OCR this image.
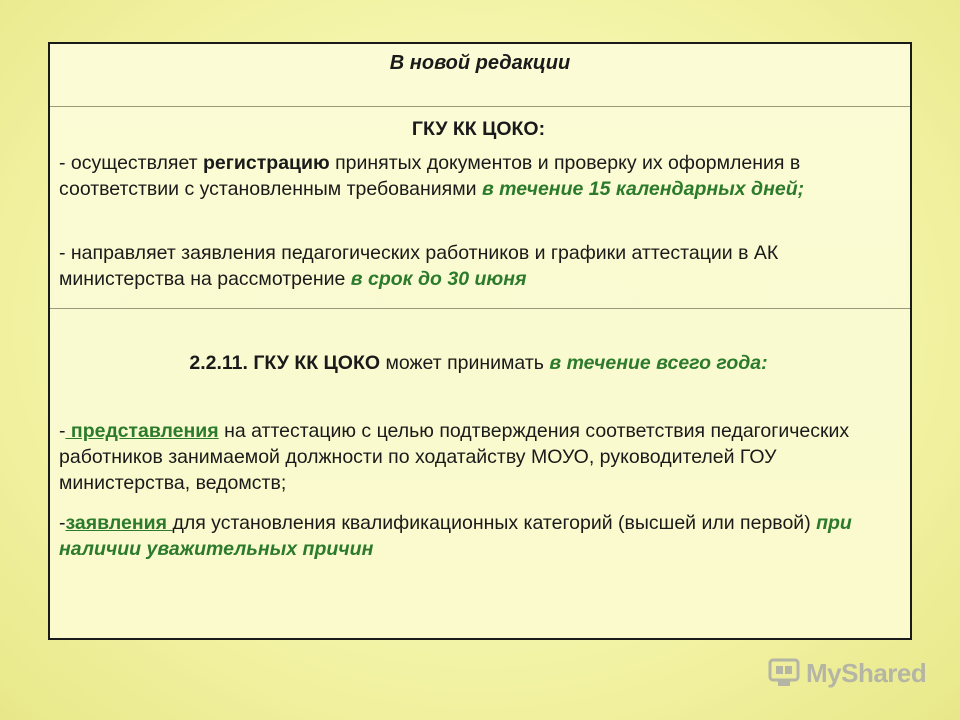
В новой редакции
ГКУ КК ЦОКО:
- осуществляет регистрацию принятых документов и проверку их оформления в соответствии с установленным требованиями в течение 15 календарных дней;
- направляет заявления педагогических работников и графики аттестации в АК министерства на рассмотрение в срок до 30 июня
2.2.11. ГКУ КК ЦОКО может принимать в течение всего года:
- представления на аттестацию с целью подтверждения соответствия педагогических работников занимаемой должности по ходатайству МОУО, руководителей ГОУ министерства, ведомств;
-заявления для установления квалификационных категорий (высшей или первой) при наличии уважительных причин
MyShared
